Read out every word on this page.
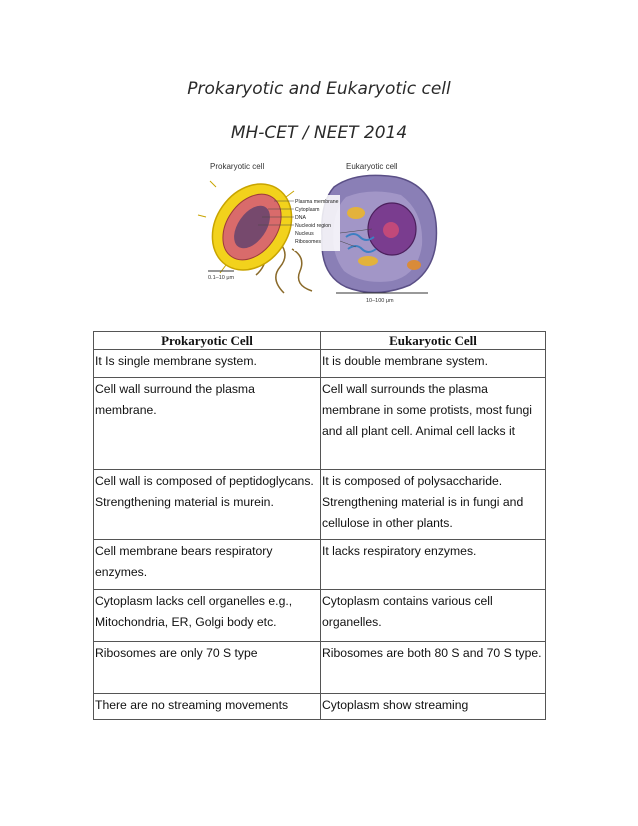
Prokaryotic and Eukaryotic cell
MH-CET / NEET 2014
Prokaryotic cell	Eukaryotic cell
Plasma membrane
Cytoplasm
DNA
Nucleoid region
Nucleus
Ribosomes
0.1–10 μm
10–100 μm
Prokaryotic Cell	Eukaryotic Cell
It Is single membrane system.	It is double membrane system.
Cell wall surround the plasma membrane.	Cell wall surrounds the plasma membrane in some protists, most fungi and all plant cell. Animal cell lacks it
Cell wall is composed of peptidoglycans. Strengthening material is murein.	It is composed of polysaccharide. Strengthening material is in fungi and cellulose in other plants.
Cell membrane bears respiratory enzymes.	It lacks respiratory enzymes.
Cytoplasm lacks cell organelles e.g., Mitochondria, ER, Golgi body etc.	Cytoplasm contains various cell organelles.
Ribosomes are only 70 S type	Ribosomes are both 80 S and 70 S type.
There are no streaming movements	Cytoplasm show streaming
